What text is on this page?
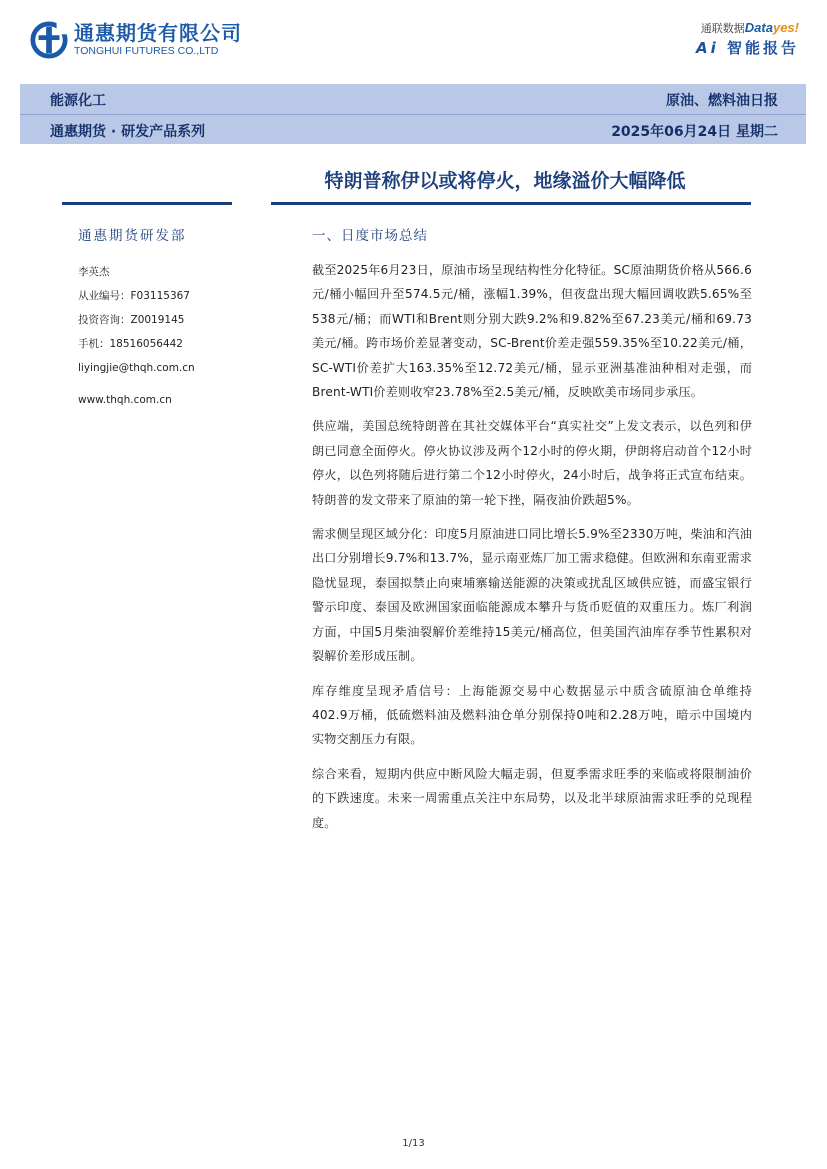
通惠期货有限公司
TONGHUI FUTURES CO.,LTD
通联数据Datayes!
Ai 智能报告
能源化工	原油、燃料油日报
通惠期货 · 研发产品系列	2025年06月24日 星期二
特朗普称伊以或将停火，地缘溢价大幅降低
通惠期货研发部
李英杰
从业编号：F03115367
投资咨询：Z0019145
手机：18516056442
liyingjie@thqh.com.cn
www.thqh.com.cn
一、日度市场总结

截至2025年6月23日，原油市场呈现结构性分化特征。SC原油期货价格从566.6元/桶小幅回升至574.5元/桶，涨幅1.39%，但夜盘出现大幅回调收跌5.65%至538元/桶；而WTI和Brent则分别大跌9.2%和9.82%至67.23美元/桶和69.73美元/桶。跨市场价差显著变动，SC-Brent价差走强559.35%至10.22美元/桶，SC-WTI价差扩大163.35%至12.72美元/桶，显示亚洲基准油种相对走强，而Brent-WTI价差则收窄23.78%至2.5美元/桶，反映欧美市场同步承压。

供应端，美国总统特朗普在其社交媒体平台“真实社交”上发文表示，以色列和伊朗已同意全面停火。停火协议涉及两个12小时的停火期，伊朗将启动首个12小时停火，以色列将随后进行第二个12小时停火，24小时后，战争将正式宣布结束。特朗普的发文带来了原油的第一轮下挫，隔夜油价跌超5%。

需求侧呈现区域分化：印度5月原油进口同比增长5.9%至2330万吨，柴油和汽油出口分别增长9.7%和13.7%，显示南亚炼厂加工需求稳健。但欧洲和东南亚需求隐忧显现，泰国拟禁止向柬埔寨输送能源的决策或扰乱区域供应链，而盛宝银行警示印度、泰国及欧洲国家面临能源成本攀升与货币贬值的双重压力。炼厂利润方面，中国5月柴油裂解价差维持15美元/桶高位，但美国汽油库存季节性累积对裂解价差形成压制。

库存维度呈现矛盾信号：上海能源交易中心数据显示中质含硫原油仓单维持402.9万桶，低硫燃料油及燃料油仓单分别保持0吨和2.28万吨，暗示中国境内实物交割压力有限。

综合来看，短期内供应中断风险大幅走弱，但夏季需求旺季的来临或将限制油价的下跌速度。未来一周需重点关注中东局势，以及北半球原油需求旺季的兑现程度。

1/13
